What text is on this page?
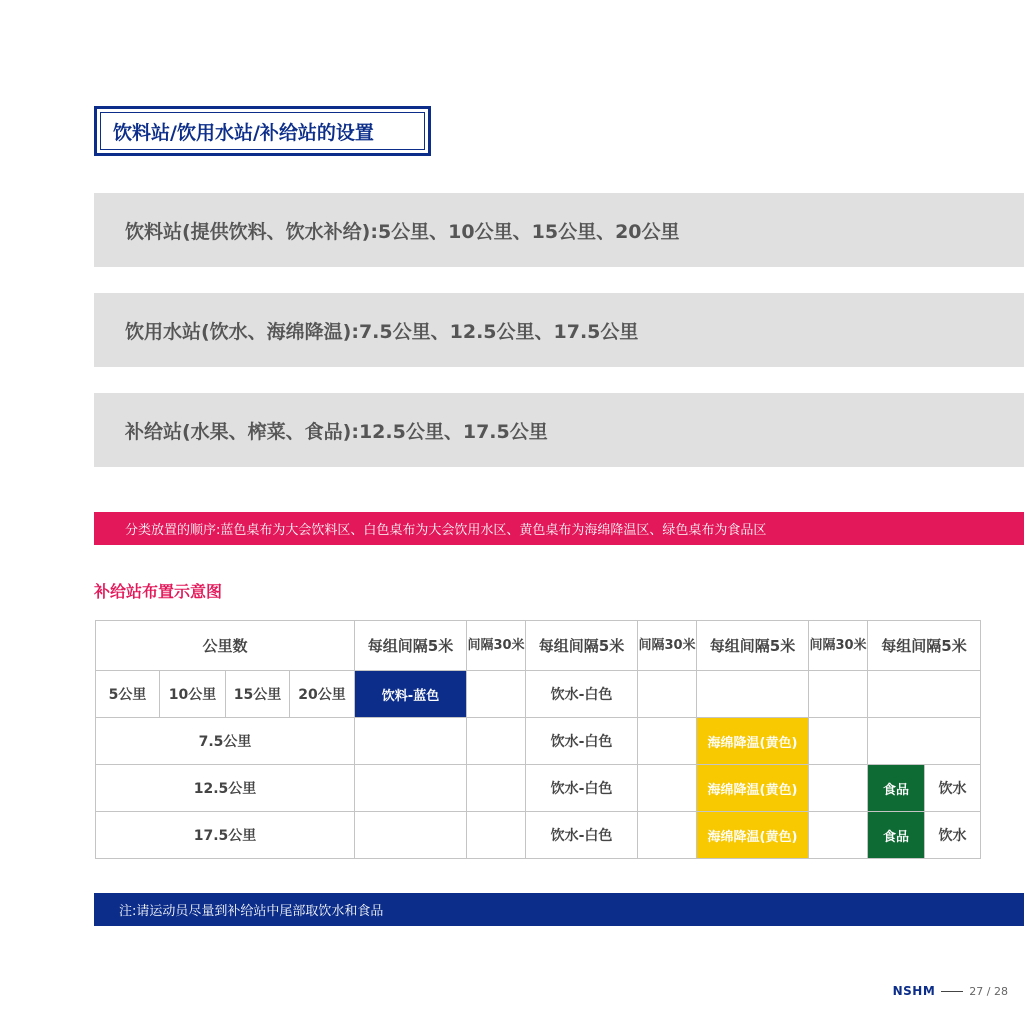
饮料站/饮用水站/补给站的设置
饮料站(提供饮料、饮水补给):5公里、10公里、15公里、20公里
饮用水站(饮水、海绵降温):7.5公里、12.5公里、17.5公里
补给站(水果、榨菜、食品):12.5公里、17.5公里
分类放置的顺序:蓝色桌布为大会饮料区、白色桌布为大会饮用水区、黄色桌布为海绵降温区、绿色桌布为食品区
补给站布置示意图
公里数				每组间隔5米	间隔30米	每组间隔5米	间隔30米	每组间隔5米	间隔30米	每组间隔5米	
5公里	10公里	15公里	20公里	饮料-蓝色		饮水-白色					
7.5公里						饮水-白色		海绵降温(黄色)			
12.5公里						饮水-白色		海绵降温(黄色)		食品	饮水
17.5公里						饮水-白色		海绵降温(黄色)		食品	饮水
注:请运动员尽量到补给站中尾部取饮水和食品
NSHM	27 / 28
